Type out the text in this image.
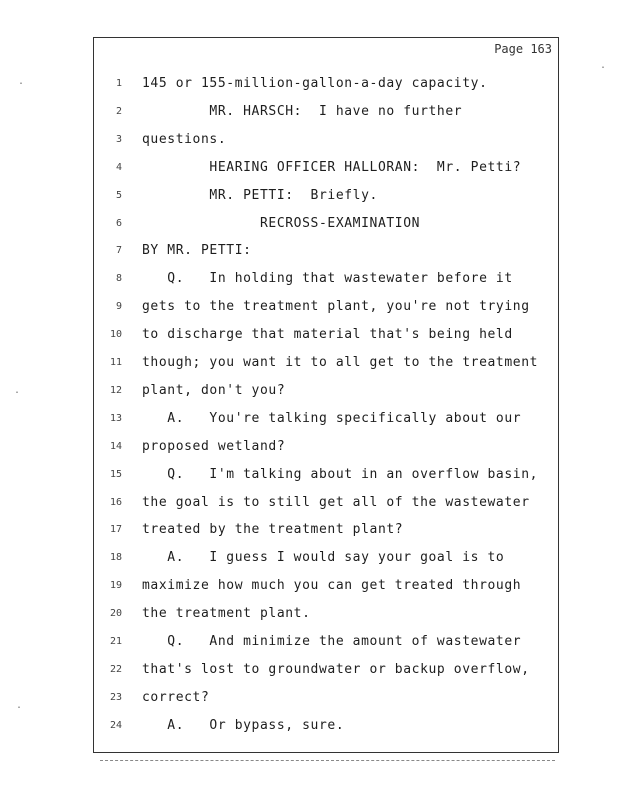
Page 163
.
.
.
.
1 145 or 155-million-gallon-a-day capacity.
2 MR. HARSCH:  I have no further
3 questions.
4 HEARING OFFICER HALLORAN:  Mr. Petti?
5 MR. PETTI:  Briefly.
6 RECROSS-EXAMINATION
7 BY MR. PETTI:
8 Q.   In holding that wastewater before it
9 gets to the treatment plant, you're not trying
10 to discharge that material that's being held
11 though; you want it to all get to the treatment
12 plant, don't you?
13 A.   You're talking specifically about our
14 proposed wetland?
15 Q.   I'm talking about in an overflow basin,
16 the goal is to still get all of the wastewater
17 treated by the treatment plant?
18 A.   I guess I would say your goal is to
19 maximize how much you can get treated through
20 the treatment plant.
21 Q.   And minimize the amount of wastewater
22 that's lost to groundwater or backup overflow,
23 correct?
24 A.   Or bypass, sure.
